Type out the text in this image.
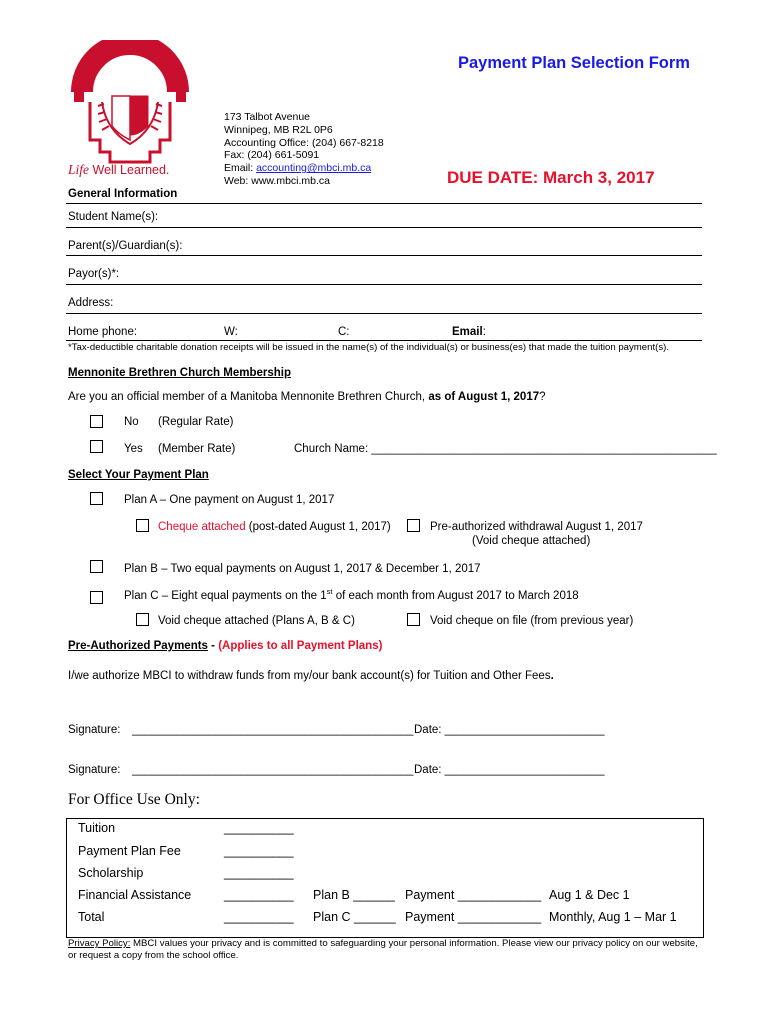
M.B.C.I.
Life Well Learned.
Payment Plan Selection Form
173 Talbot Avenue
Winnipeg, MB R2L 0P6
Accounting Office: (204) 667-8218
Fax: (204) 661-5091
Email: accounting@mbci.mb.ca
Web: www.mbci.mb.ca	DUE DATE: March 3, 2017
General Information
Student Name(s):
Parent(s)/Guardian(s):
Payor(s)*:
Address:
Home phone:	W:	C:	Email:
*Tax-deductible charitable donation receipts will be issued in the name(s) of the individual(s) or business(es) that made the tuition payment(s).
Mennonite Brethren Church Membership
Are you an official member of a Manitoba Mennonite Brethren Church, as of August 1, 2017?
No (Regular Rate)
Yes (Member Rate)	Church Name: ______________________________________________________
Select Your Payment Plan
Plan A – One payment on August 1, 2017
Cheque attached (post-dated August 1, 2017)	Pre-authorized withdrawal August 1, 2017
(Void cheque attached)
Plan B – Two equal payments on August 1, 2017 & December 1, 2017
Plan C – Eight equal payments on the 1st of each month from August 2017 to March 2018
Void cheque attached (Plans A, B & C)	Void cheque on file (from previous year)
Pre-Authorized Payments - (Applies to all Payment Plans)
I/we authorize MBCI to withdraw funds from my/our bank account(s) for Tuition and Other Fees.
Signature: ____________________________________________ Date: _________________________
Signature: ____________________________________________ Date: _________________________
For Office Use Only:
Tuition	__________
Payment Plan Fee	__________
Scholarship	__________
Financial Assistance	__________ Plan B ______ Payment ____________ Aug 1 & Dec 1
Total	__________ Plan C ______ Payment ____________ Monthly, Aug 1 – Mar 1
Privacy Policy: MBCI values your privacy and is committed to safeguarding your personal information. Please view our privacy policy on our website, or request a copy from the school office.
